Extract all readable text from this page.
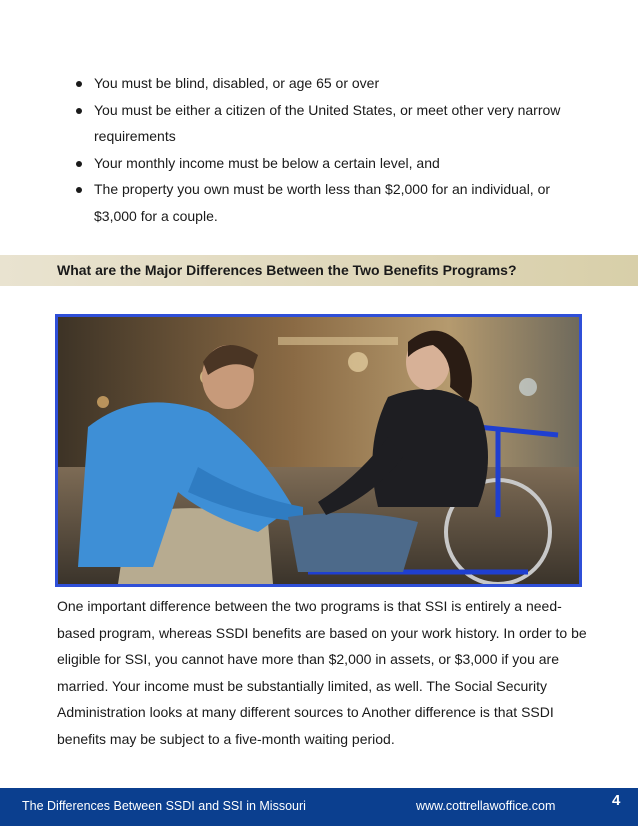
You must be blind, disabled, or age 65 or over
You must be either a citizen of the United States, or meet other very narrow requirements
Your monthly income must be below a certain level, and
The property you own must be worth less than $2,000 for an individual, or $3,000 for a couple.
What are the Major Differences Between the Two Benefits Programs?

One important difference between the two programs is that SSI is entirely a need-based program, whereas SSDI benefits are based on your work history. In order to be eligible for SSI, you cannot have more than $2,000 in assets, or $3,000 if you are married. Your income must be substantially limited, as well. The Social Security Administration looks at many different sources to Another difference is that SSDI benefits may be subject to a five-month waiting period.

The Differences Between SSDI and SSI in Missouri	www.cottrellawoffice.com	4
